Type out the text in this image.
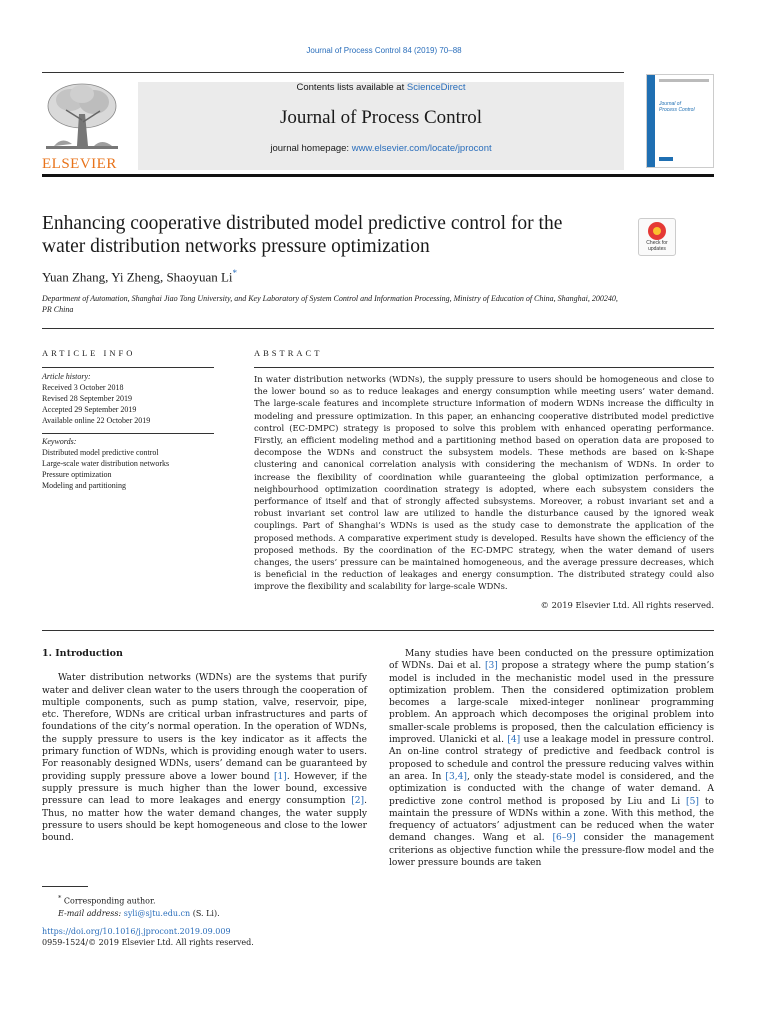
Journal of Process Control 84 (2019) 70–88
ELSEVIER
Contents lists available at ScienceDirect
Journal of Process Control
journal homepage: www.elsevier.com/locate/jprocont
Journal of
Process Control
Enhancing cooperative distributed model predictive control for the
water distribution networks pressure optimization	Check for
updates
Yuan Zhang, Yi Zheng, Shaoyuan Li*
Department of Automation, Shanghai Jiao Tong University, and Key Laboratory of System Control and Information Processing, Ministry of Education of China, Shanghai, 200240, PR China
ARTICLE INFO	ABSTRACT
Article history:
Received 3 October 2018
Revised 28 September 2019
Accepted 29 September 2019
Available online 22 October 2019
Keywords:
Distributed model predictive control
Large-scale water distribution networks
Pressure optimization
Modeling and partitioning
In water distribution networks (WDNs), the supply pressure to users should be homogeneous and close to the lower bound so as to reduce leakages and energy consumption while meeting users’ water demand. The large-scale features and incomplete structure information of modern WDNs increase the difficulty in modeling and pressure optimization. In this paper, an enhancing cooperative distributed model predictive control (EC-DMPC) strategy is proposed to solve this problem with enhanced operating performance. Firstly, an efficient modeling method and a partitioning method based on operation data are proposed to decompose the WDNs and construct the subsystem models. These methods are based on k-Shape clustering and canonical correlation analysis with considering the mechanism of WDNs. In order to increase the flexibility of coordination while guaranteeing the global optimization performance, a neighbourhood optimization coordination strategy is adopted, where each subsystem considers the performance of itself and that of strongly affected subsystems. Moreover, a robust invariant set and a robust invariant set control law are utilized to handle the disturbance caused by the ignored weak couplings. Part of Shanghai’s WDNs is used as the study case to demonstrate the application of the proposed methods. A comparative experiment study is developed. Results have shown the efficiency of the proposed methods. By the coordination of the EC-DMPC strategy, when the water demand of users changes, the users’ pressure can be maintained homogeneous, and the average pressure decreases, which is beneficial in the reduction of leakages and energy consumption. The distributed strategy could also improve the flexibility and scalability for large-scale WDNs.
© 2019 Elsevier Ltd. All rights reserved.
1. Introduction

Water distribution networks (WDNs) are the systems that purify water and deliver clean water to the users through the cooperation of multiple components, such as pump station, valve, reservoir, pipe, etc. Therefore, WDNs are critical urban infrastructures and parts of foundations of the city’s normal operation. In the operation of WDNs, the supply pressure to users is the key indicator as it affects the primary function of WDNs, which is providing enough water to users. For reasonably designed WDNs, users’ demand can be guaranteed by providing supply pressure above a lower bound [1]. However, if the supply pressure is much higher than the lower bound, excessive pressure can lead to more leakages and energy consumption [2]. Thus, no matter how the water demand changes, the water supply pressure to users should be kept homogeneous and close to the lower bound.

Many studies have been conducted on the pressure optimization of WDNs. Dai et al. [3] propose a strategy where the pump station’s model is included in the mechanistic model used in the pressure optimization problem. Then the considered optimization problem becomes a large-scale mixed-integer nonlinear programming problem. An approach which decomposes the original problem into smaller-scale problems is proposed, then the calculation efficiency is improved. Ulanicki et al. [4] use a leakage model in pressure control. An on-line control strategy of predictive and feedback control is proposed to schedule and control the pressure reducing valves within an area. In [3,4], only the steady-state model is considered, and the optimization is conducted with the change of water demand. A predictive zone control method is proposed by Liu and Li [5] to maintain the pressure of WDNs within a zone. With this method, the frequency of actuators’ adjustment can be reduced when the water demand changes. Wang et al. [6–9] consider the management criterions as objective function while the pressure-flow model and the lower pressure bounds are taken

* Corresponding author.
E-mail address: syli@sjtu.edu.cn (S. Li).
https://doi.org/10.1016/j.jprocont.2019.09.009
0959-1524/© 2019 Elsevier Ltd. All rights reserved.
